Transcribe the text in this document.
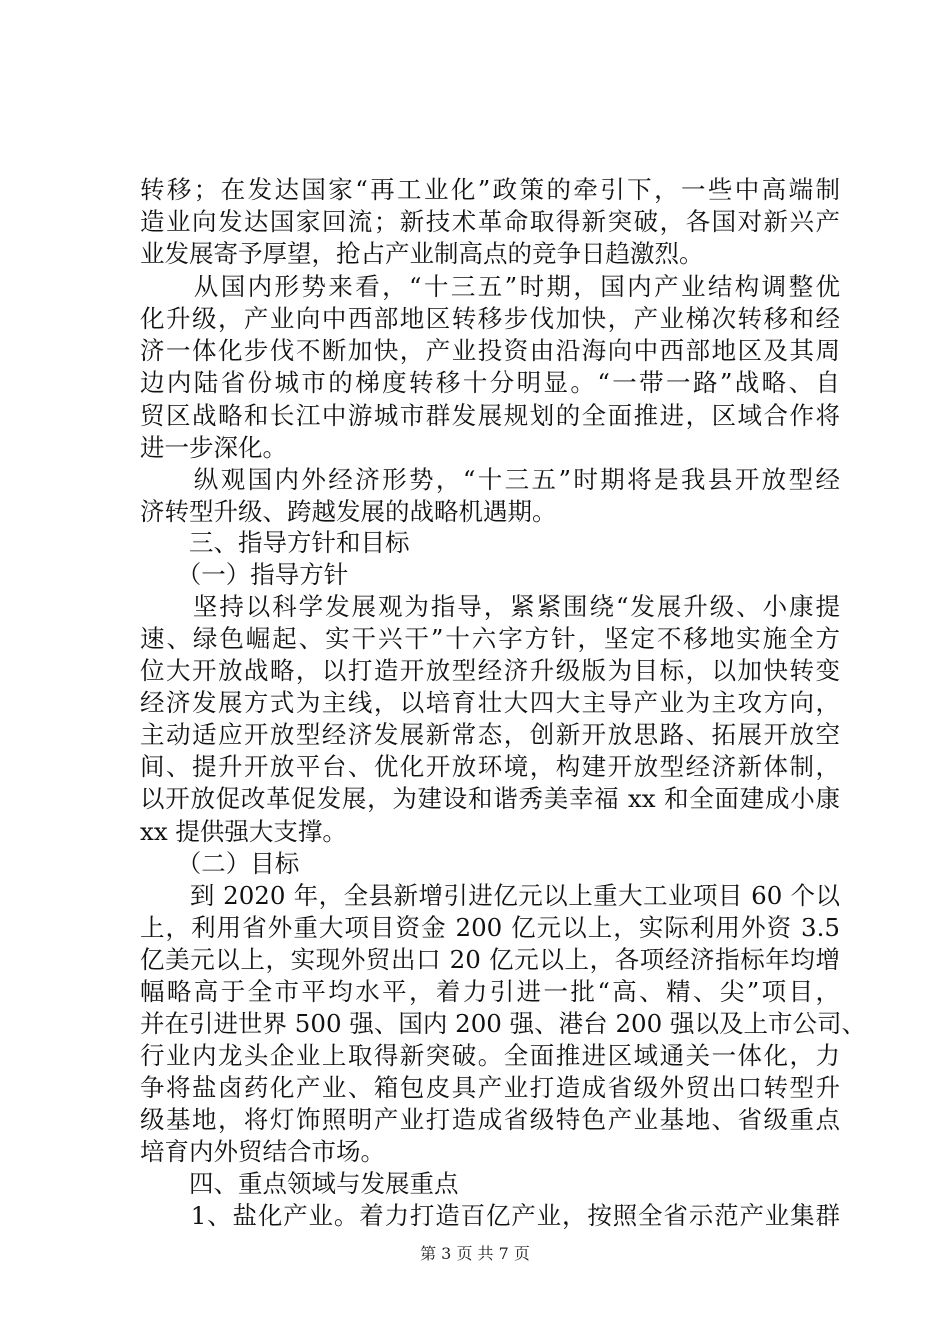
转移；在发达国家“再工业化”政策的牵引下，一些中高端制
造业向发达国家回流；新技术革命取得新突破，各国对新兴产
业发展寄予厚望，抢占产业制高点的竞争日趋激烈。
　　从国内形势来看，“十三五”时期，国内产业结构调整优
化升级，产业向中西部地区转移步伐加快，产业梯次转移和经
济一体化步伐不断加快，产业投资由沿海向中西部地区及其周
边内陆省份城市的梯度转移十分明显。“一带一路”战略、自
贸区战略和长江中游城市群发展规划的全面推进，区域合作将
进一步深化。
　　纵观国内外经济形势，“十三五”时期将是我县开放型经
济转型升级、跨越发展的战略机遇期。
　　三、指导方针和目标
　　（一）指导方针
　　坚持以科学发展观为指导，紧紧围绕“发展升级、小康提
速、绿色崛起、实干兴干”十六字方针，坚定不移地实施全方
位大开放战略，以打造开放型经济升级版为目标，以加快转变
经济发展方式为主线，以培育壮大四大主导产业为主攻方向，
主动适应开放型经济发展新常态，创新开放思路、拓展开放空
间、提升开放平台、优化开放环境，构建开放型经济新体制，
以开放促改革促发展，为建设和谐秀美幸福 xx 和全面建成小康
xx 提供强大支撑。
　　（二）目标
　　到 2020 年，全县新增引进亿元以上重大工业项目 60 个以
上，利用省外重大项目资金 200 亿元以上，实际利用外资 3.5
亿美元以上，实现外贸出口 20 亿元以上，各项经济指标年均增
幅略高于全市平均水平，着力引进一批“高、精、尖”项目，
并在引进世界 500 强、国内 200 强、港台 200 强以及上市公司、
行业内龙头企业上取得新突破。全面推进区域通关一体化，力
争将盐卤药化产业、箱包皮具产业打造成省级外贸出口转型升
级基地，将灯饰照明产业打造成省级特色产业基地、省级重点
培育内外贸结合市场。
　　四、重点领域与发展重点
　　1、盐化产业。着力打造百亿产业，按照全省示范产业集群
第 3 页 共 7 页
